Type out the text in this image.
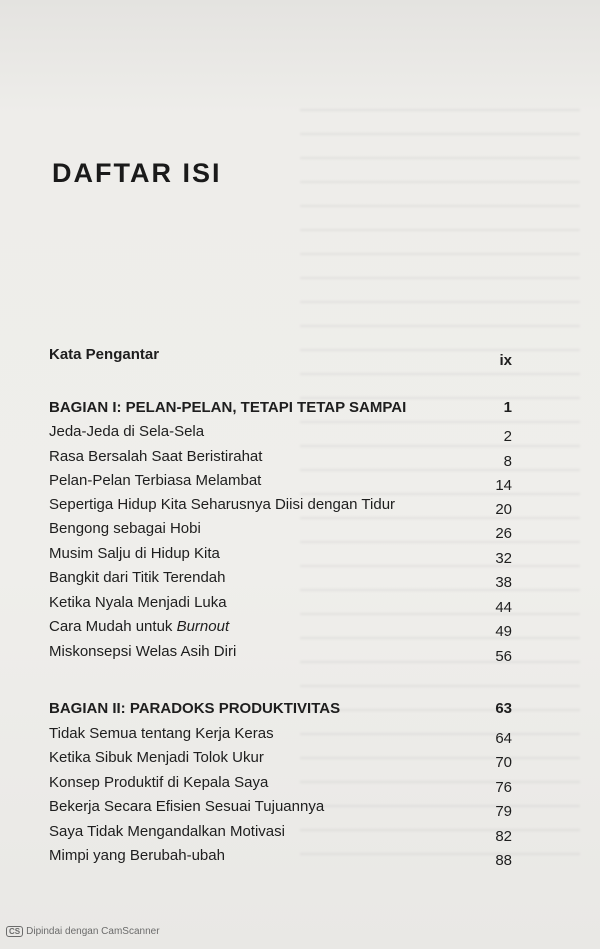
DAFTAR ISI
Kata Pengantar	ix
BAGIAN I: PELAN-PELAN, TETAPI TETAP SAMPAI	1
Jeda-Jeda di Sela-Sela	2
Rasa Bersalah Saat Beristirahat	8
Pelan-Pelan Terbiasa Melambat	14
Sepertiga Hidup Kita Seharusnya Diisi dengan Tidur	20
Bengong sebagai Hobi	26
Musim Salju di Hidup Kita	32
Bangkit dari Titik Terendah	38
Ketika Nyala Menjadi Luka	44
Cara Mudah untuk Burnout	49
Miskonsepsi Welas Asih Diri	56
BAGIAN II: PARADOKS PRODUKTIVITAS	63
Tidak Semua tentang Kerja Keras	64
Ketika Sibuk Menjadi Tolok Ukur	70
Konsep Produktif di Kepala Saya	76
Bekerja Secara Efisien Sesuai Tujuannya	79
Saya Tidak Mengandalkan Motivasi	82
Mimpi yang Berubah-ubah	88
CS Dipindai dengan CamScanner
